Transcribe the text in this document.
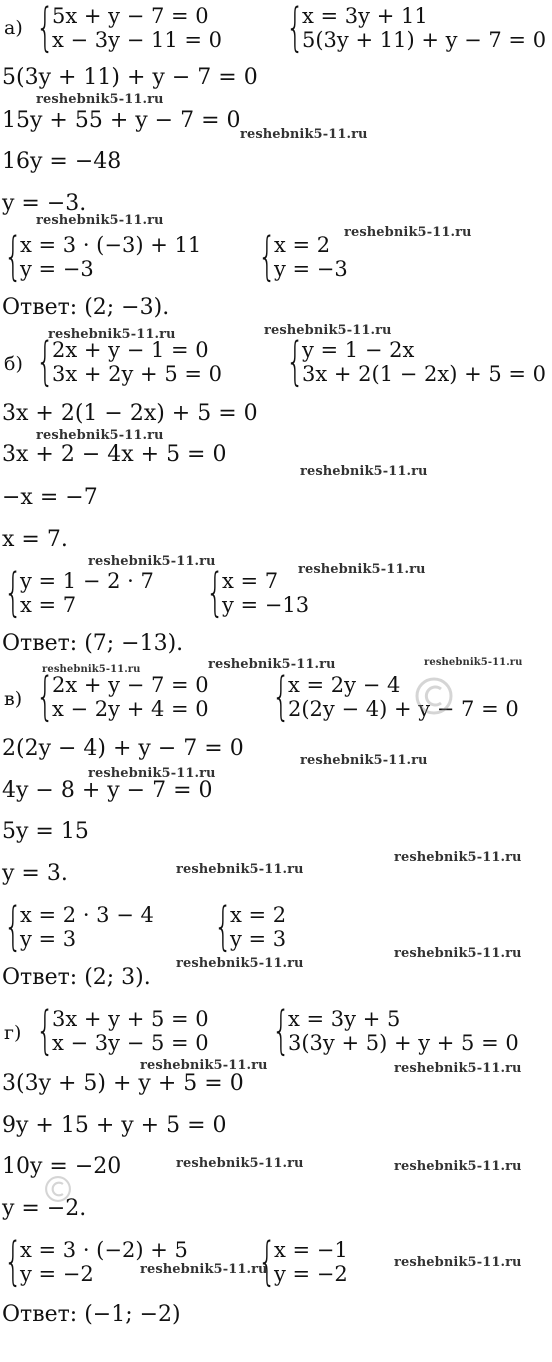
а) {
5x + y − 7 = 0
x − 3y − 11 = 0 {
x = 3y + 11
5(3y + 11) + y − 7 = 0
5(3y + 11) + y − 7 = 0
15y + 55 + y − 7 = 0
16y = −48
y = −3.
{
x = 3 · (−3) + 11
y = −3	{
x = 2
y = −3
Ответ: (2; −3).
б) {
2x + y − 1 = 0
3x + 2y + 5 = 0 {
y = 1 − 2x
3x + 2(1 − 2x) + 5 = 0
3x + 2(1 − 2x) + 5 = 0
3x + 2 − 4x + 5 = 0
−x = −7
x = 7.
{
y = 1 − 2 · 7
x = 7	{
x = 7
y = −13
Ответ: (7; −13).
в) {
2x + y − 7 = 0
x − 2y + 4 = 0 {
x = 2y − 4
2(2y − 4) + y − 7 = 0
2(2y − 4) + y − 7 = 0
4y − 8 + y − 7 = 0
5y = 15
y = 3.
{
x = 2 · 3 − 4
y = 3	{
x = 2
y = 3
Ответ: (2; 3).
г) {
3x + y + 5 = 0
x − 3y − 5 = 0 {
x = 3y + 5
3(3y + 5) + y + 5 = 0
3(3y + 5) + y + 5 = 0
9y + 15 + y + 5 = 0
10y = −20
y = −2.
{
x = 3 · (−2) + 5
y = −2	{
x = −1
y = −2
Ответ: (−1; −2)
reshebnik5-11.ru
reshebnik5-11.ru
reshebnik5-11.ru
reshebnik5-11.ru
reshebnik5-11.ru	reshebnik5-11.ru
reshebnik5-11.ru
reshebnik5-11.ru
reshebnik5-11.ru
reshebnik5-11.ru
reshebnik5-11.ru	reshebnik5-11.ru	reshebnik5-11.ru
reshebnik5-11.ru
reshebnik5-11.ru
reshebnik5-11.ru
reshebnik5-11.ru
reshebnik5-11.ru
reshebnik5-11.ru
reshebnik5-11.ru	reshebnik5-11.ru
reshebnik5-11.ru	reshebnik5-11.ru
reshebnik5-11.ru	reshebnik5-11.ru
